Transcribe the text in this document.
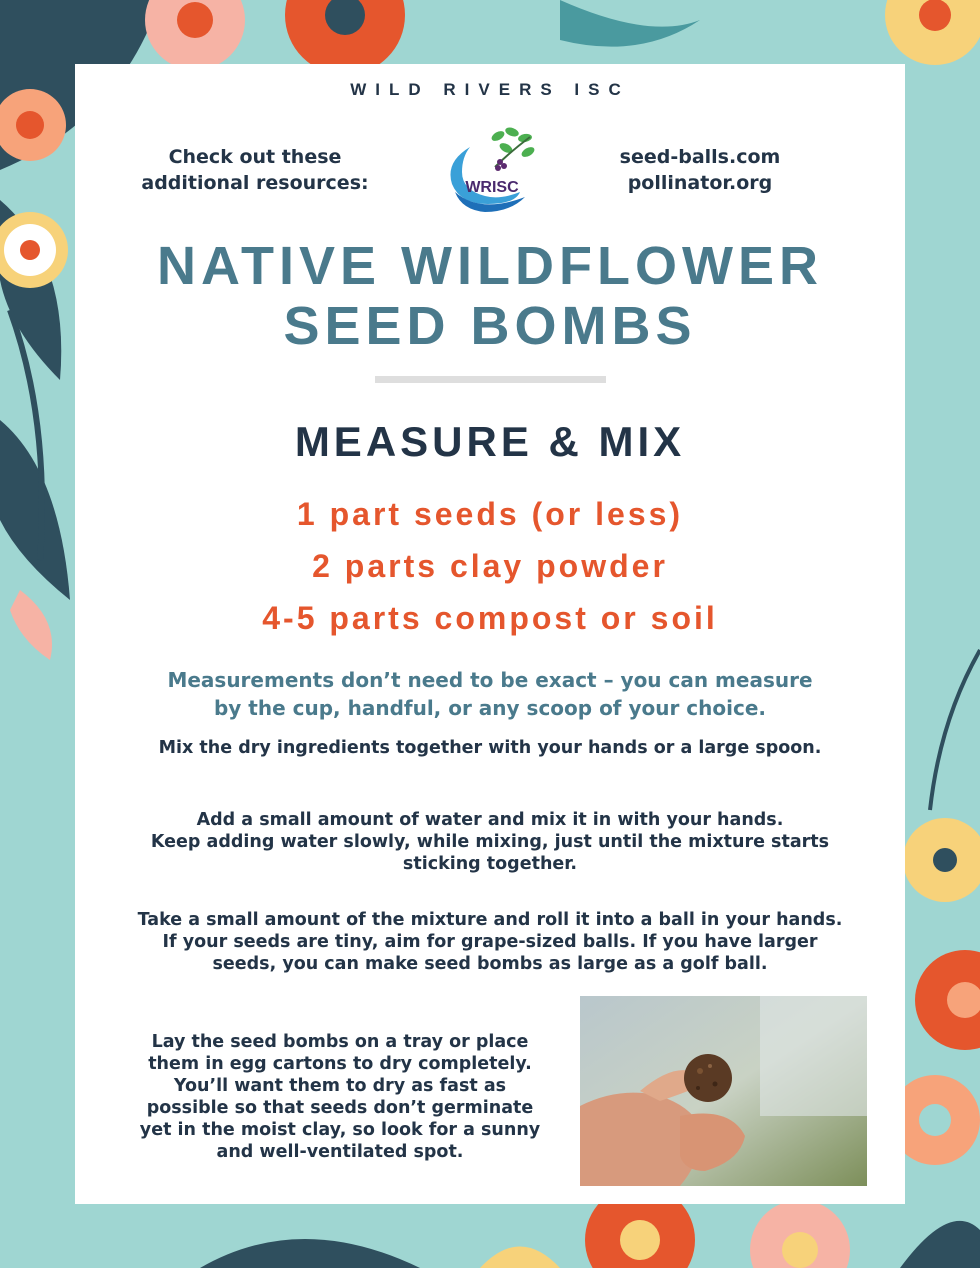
WILD RIVERS ISC
Check out these
additional resources:	WRISC
seed-balls.com
pollinator.org
NATIVE WILDFLOWER
SEED BOMBS
MEASURE & MIX
1 part seeds (or less)
2 parts clay powder
4-5 parts compost or soil
Measurements don’t need to be exact – you can measure
by the cup, handful, or any scoop of your choice.
Mix the dry ingredients together with your hands or a large spoon.
Add a small amount of water and mix it in with your hands.
Keep adding water slowly, while mixing, just until the mixture starts
sticking together.
Take a small amount of the mixture and roll it into a ball in your hands.
If your seeds are tiny, aim for grape-sized balls. If you have larger
seeds, you can make seed bombs as large as a golf ball.
Lay the seed bombs on a tray or place
them in egg cartons to dry completely.
You’ll want them to dry as fast as
possible so that seeds don’t germinate
yet in the moist clay, so look for a sunny
and well-ventilated spot.
